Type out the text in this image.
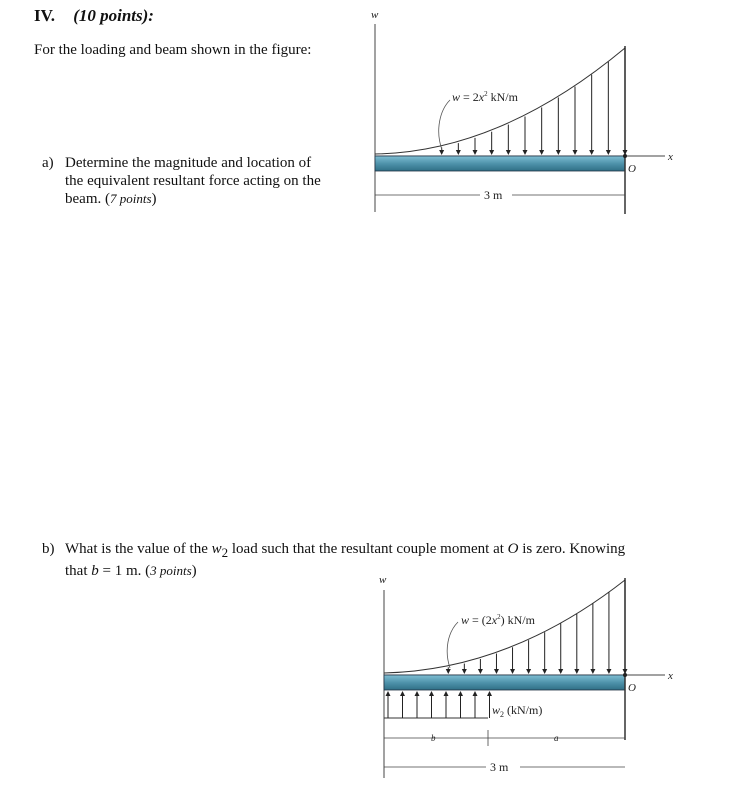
IV. (10 points):
For the loading and beam shown in the figure:
a) Determine the magnitude and location of
the equivalent resultant force acting on the
beam. (7 points)
b) What is the value of the $w_2$ load such that the resultant couple moment at O is zero. Knowing
that b = 1 m. (3 points)
w
x
O
$w = 2x^2$ kN/m
3 m
w
x
O
$w = (2x^2)$ kN/m
$w_2$ (kN/m)
b	a
3 m
